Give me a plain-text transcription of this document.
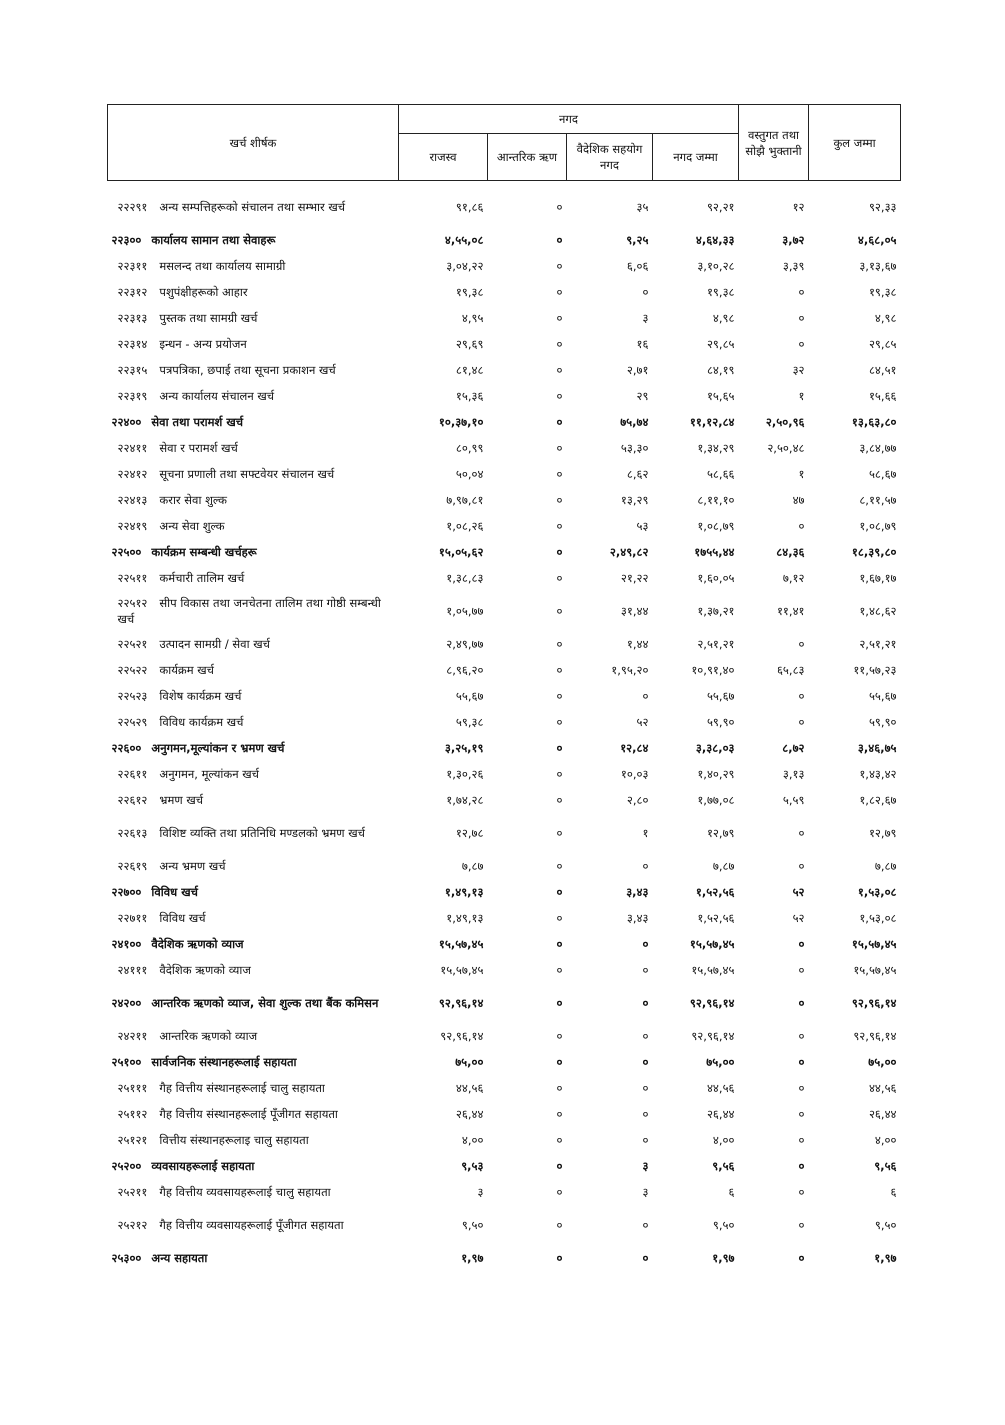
खर्च शीर्षक	नगद				वस्तुगत तथा सोझै भुक्तानी	कुल जम्मा
	राजस्व	आन्तरिक ऋण	वैदेशिक सहयोग नगद	नगद जम्मा		
२२२९१ अन्य सम्पत्तिहरूको संचालन तथा सम्भार खर्च	९१,८६	०	३५	९२,२१	१२	९२,३३
२२३०० कार्यालय सामान तथा सेवाहरू	४,५५,०८	०	९,२५	४,६४,३३	३,७२	४,६८,०५
२२३११ मसलन्द तथा कार्यालय सामाग्री	३,०४,२२	०	६,०६	३,१०,२८	३,३९	३,१३,६७
२२३१२ पशुपंक्षीहरूको आहार	१९,३८	०	०	१९,३८	०	१९,३८
२२३१३ पुस्तक तथा सामग्री खर्च	४,९५	०	३	४,९८	०	४,९८
२२३१४ इन्धन - अन्य प्रयोजन	२९,६९	०	१६	२९,८५	०	२९,८५
२२३१५ पत्रपत्रिका, छपाई तथा सूचना प्रकाशन खर्च	८१,४८	०	२,७१	८४,१९	३२	८४,५१
२२३१९ अन्य कार्यालय संचालन खर्च	१५,३६	०	२९	१५,६५	१	१५,६६
२२४०० सेवा तथा परामर्श खर्च	१०,३७,१०	०	७५,७४	११,१२,८४	२,५०,९६	१३,६३,८०
२२४११ सेवा र परामर्श खर्च	८०,९९	०	५३,३०	१,३४,२९	२,५०,४८	३,८४,७७
२२४१२ सूचना प्रणाली तथा सफ्टवेयर संचालन खर्च	५०,०४	०	८,६२	५८,६६	१	५८,६७
२२४१३ करार सेवा शुल्क	७,९७,८१	०	१३,२९	८,११,१०	४७	८,११,५७
२२४१९ अन्य सेवा शुल्क	१,०८,२६	०	५३	१,०८,७९	०	१,०८,७९
२२५०० कार्यक्रम सम्बन्धी खर्चहरू	१५,०५,६२	०	२,४९,८२	१७५५,४४	८४,३६	१८,३९,८०
२२५११ कर्मचारी तालिम खर्च	१,३८,८३	०	२१,२२	१,६०,०५	७,१२	१,६७,१७
२२५१२ सीप विकास तथा जनचेतना तालिम तथा गोष्ठी सम्बन्धी खर्च	१,०५,७७	०	३१,४४	१,३७,२१	११,४१	१,४८,६२
२२५२१ उत्पादन सामग्री / सेवा खर्च	२,४९,७७	०	१,४४	२,५१,२१	०	२,५१,२१
२२५२२ कार्यक्रम खर्च	८,९६,२०	०	१,९५,२०	१०,९१,४०	६५,८३	११,५७,२३
२२५२३ विशेष कार्यक्रम खर्च	५५,६७	०	०	५५,६७	०	५५,६७
२२५२९ विविध कार्यक्रम खर्च	५९,३८	०	५२	५९,९०	०	५९,९०
२२६०० अनुगमन,मूल्यांकन र भ्रमण खर्च	३,२५,१९	०	१२,८४	३,३८,०३	८,७२	३,४६,७५
२२६११ अनुगमन, मूल्यांकन खर्च	१,३०,२६	०	१०,०३	१,४०,२९	३,१३	१,४३,४२
२२६१२ भ्रमण खर्च	१,७४,२८	०	२,८०	१,७७,०८	५,५९	१,८२,६७
२२६१३ विशिष्ट व्यक्ति तथा प्रतिनिधि मण्डलको भ्रमण खर्च	१२,७८	०	१	१२,७९	०	१२,७९
२२६१९ अन्य भ्रमण खर्च	७,८७	०	०	७,८७	०	७,८७
२२७०० विविध खर्च	१,४९,१३	०	३,४३	१,५२,५६	५२	१,५३,०८
२२७११ विविध खर्च	१,४९,१३	०	३,४३	१,५२,५६	५२	१,५३,०८
२४१०० वैदेशिक ऋणको व्याज	१५,५७,४५	०	०	१५,५७,४५	०	१५,५७,४५
२४१११ वैदेशिक ऋणको व्याज	१५,५७,४५	०	०	१५,५७,४५	०	१५,५७,४५
२४२०० आन्तरिक ऋणको व्याज, सेवा शुल्क तथा बैंक कमिसन	९२,९६,१४	०	०	९२,९६,१४	०	९२,९६,१४
२४२११ आन्तरिक ऋणको व्याज	९२,९६,१४	०	०	९२,९६,१४	०	९२,९६,१४
२५१०० सार्वजनिक संस्थानहरूलाई सहायता	७५,००	०	०	७५,००	०	७५,००
२५१११ गैह वित्तीय संस्थानहरूलाई चालु सहायता	४४,५६	०	०	४४,५६	०	४४,५६
२५११२ गैह वित्तीय संस्थानहरूलाई पूँजीगत सहायता	२६,४४	०	०	२६,४४	०	२६,४४
२५१२१ वित्तीय संस्थानहरूलाइ चालु सहायता	४,००	०	०	४,००	०	४,००
२५२०० व्यवसायहरूलाई सहायता	९,५३	०	३	९,५६	०	९,५६
२५२११ गैह वित्तीय व्यवसायहरूलाई चालु सहायता	३	०	३	६	०	६
२५२१२ गैह वित्तीय व्यवसायहरूलाई पूँजीगत सहायता	९,५०	०	०	९,५०	०	९,५०
२५३०० अन्य सहायता	१,९७	०	०	१,९७	०	१,९७
